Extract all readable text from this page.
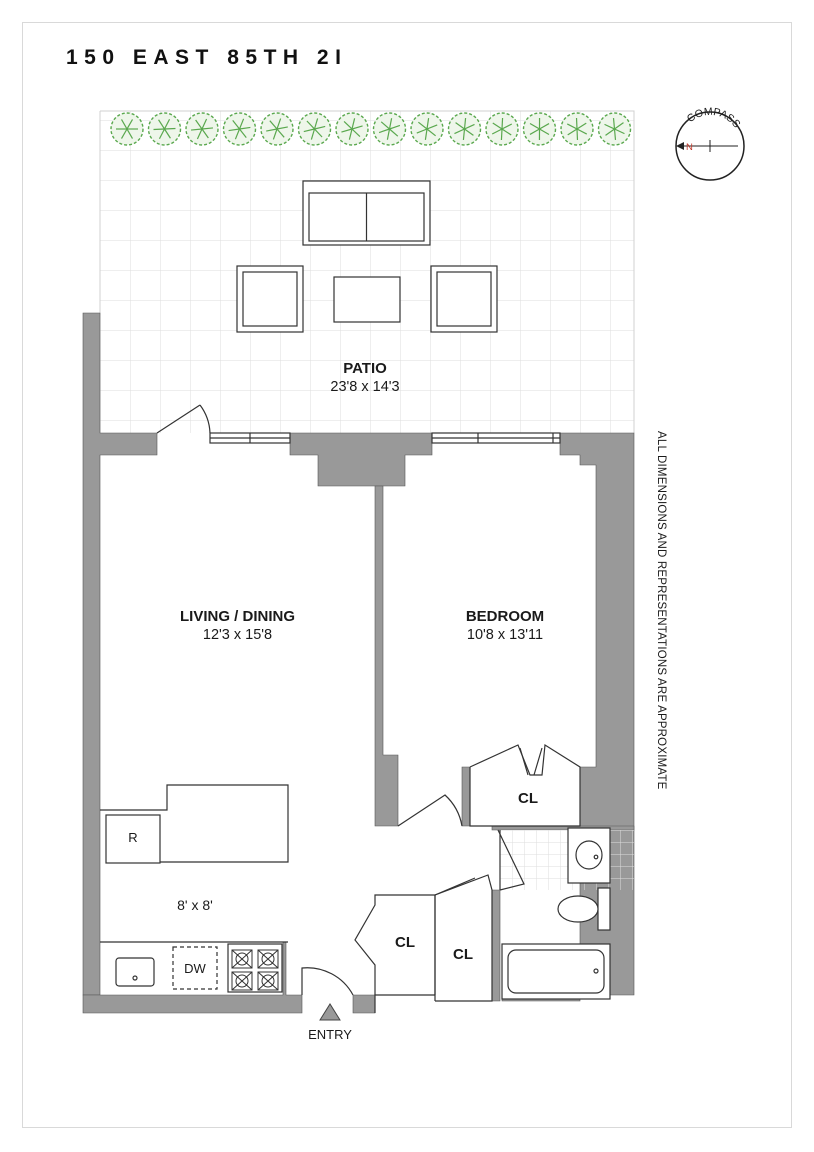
150 EAST 85TH 2I
COMPASS
N
PATIO
23'8 x 14'3
LIVING / DINING
12'3 x 15'8
BEDROOM
10'8 x 13'11
8' x 8'
CL
CL
CL
R
DW
ENTRY
ALL DIMENSIONS AND REPRESENTATIONS ARE APPROXIMATE
